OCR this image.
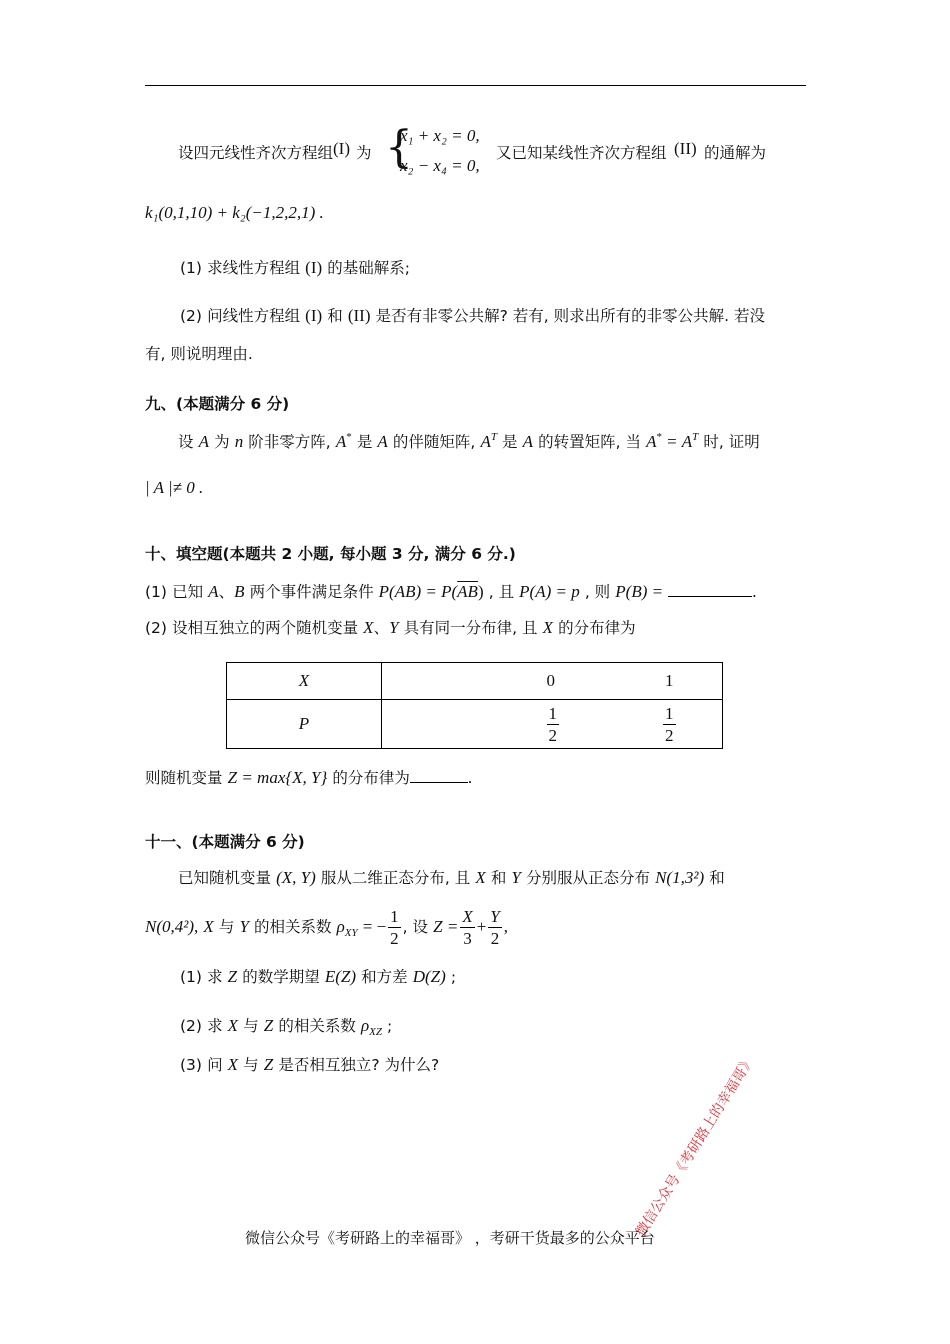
设四元线性齐次方程组 (I) 为 {
x₁ + x₂ = 0,
x₂ − x₄ = 0,
又已知某线性齐次方程组 (II) 的通解为
k₁(0,1,10) + k₂(−1,2,2,1) .
(1) 求线性方程组 (I) 的基础解系;
(2) 问线性方程组 (I) 和 (II) 是否有非零公共解? 若有, 则求出所有的非零公共解. 若没
有, 则说明理由.
九、(本题满分 6 分)
设 A 为 n 阶非零方阵, A* 是 A 的伴随矩阵, $A^T$ 是 A 的转置矩阵, 当 $A^* = A^T$ 时, 证明
| A |≠ 0 .
十、填空题(本题共 2 小题, 每小题 3 分, 满分 6 分.)
(1) 已知 A、B 两个事件满足条件 $P(AB) = P(\overline{AB})$ , 且 P(A) = p , 则 P(B) =	.
(2) 设相互独立的两个随机变量 X、Y 具有同一分布律, 且 X 的分布律为
X	0	1
P	$\frac{1}{2}$	$\frac{1}{2}$
则随机变量 Z = max{X, Y} 的分布律为	.
十一、(本题满分 6 分)
已知随机变量 (X, Y) 服从二维正态分布, 且 X 和 Y 分别服从正态分布 N(1,3²) 和
N(0,4²), X 与 Y 的相关系数 $\rho_{XY}$ = − $\frac{1}{2}$ , 设 $Z = \frac{X}{3} + \frac{Y}{2}$ ,
(1) 求 Z 的数学期望 E(Z) 和方差 D(Z) ;
(2) 求 X 与 Z 的相关系数 $\rho_{XZ}$ ;
(3) 问 X 与 Z 是否相互独立? 为什么?	微信公众号《考研路上的幸福哥》
微信公众号《考研路上的幸福哥》 ，考研干货最多的公众平台
